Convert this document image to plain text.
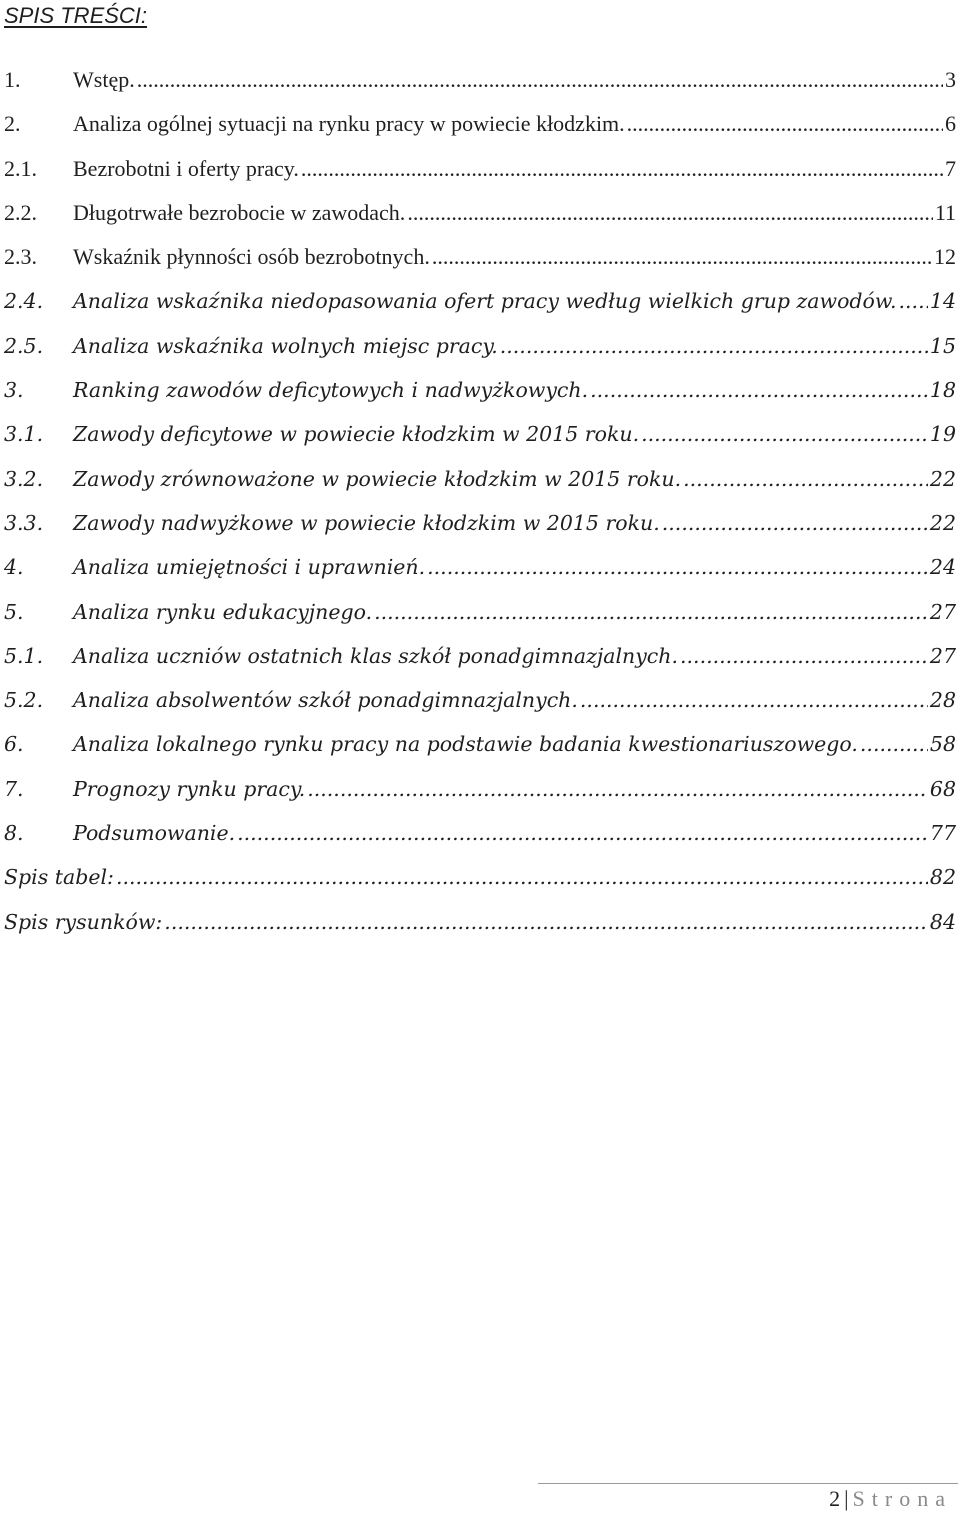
SPIS TREŚCI:
1.	Wstęp. .....	3
2.	Analiza ogólnej sytuacji na rynku pracy w powiecie kłodzkim. .....	6
2.1.	Bezrobotni i oferty pracy. .....	7
2.2.	Długotrwałe bezrobocie w zawodach. .....	11
2.3.	Wskaźnik płynności osób bezrobotnych. .....	12
2.4.	Analiza wskaźnika niedopasowania ofert pracy według wielkich grup zawodów. ..... 14
2.5.	Analiza wskaźnika wolnych miejsc pracy. .....	15
3.	Ranking zawodów deficytowych i nadwyżkowych. .....	18
3.1.	Zawody deficytowe w powiecie kłodzkim w 2015 roku. .....	19
3.2.	Zawody zrównoważone w powiecie kłodzkim w 2015 roku. .....	22
3.3.	Zawody nadwyżkowe w powiecie kłodzkim w 2015 roku. .....	22
4.	Analiza umiejętności i uprawnień. .....	24
5.	Analiza rynku edukacyjnego. .....	27
5.1.	Analiza uczniów ostatnich klas szkół ponadgimnazjalnych. .....	27
5.2.	Analiza absolwentów szkół ponadgimnazjalnych. .....	28
6.	Analiza lokalnego rynku pracy na podstawie badania kwestionariuszowego. .....	58
7.	Prognozy rynku pracy. .....	68
8.	Podsumowanie. .....	77
Spis tabel: .....	82
Spis rysunków: .....	84
2 | Strona
